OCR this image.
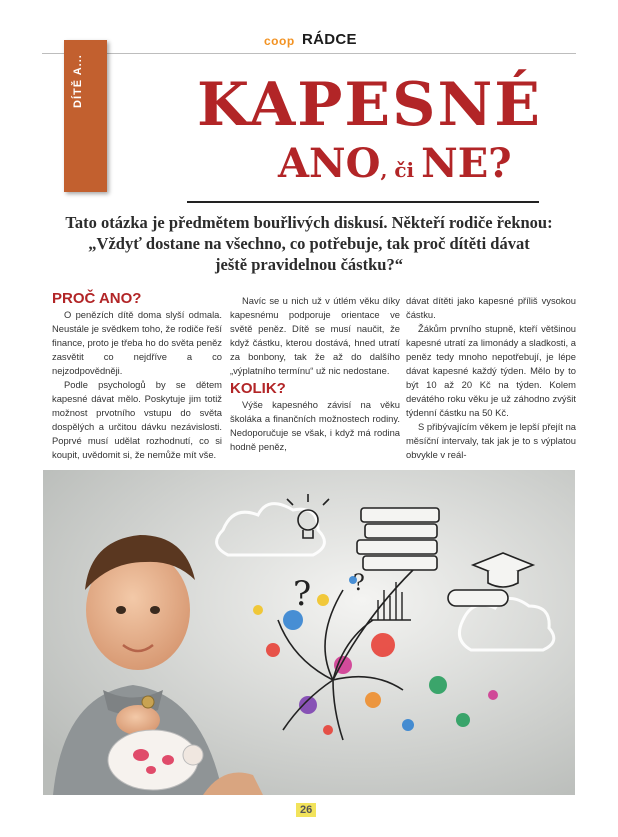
coop RÁDCE
DÍTĚ A... KAPESNÉ
ANO, či NE?

Tato otázka je předmětem bouřlivých diskusí. Někteří rodiče řeknou:

„Vždyť dostane na všechno, co potřebuje, tak proč dítěti dávat

ještě pravidelnou částku?“

PROČ ANO?

O penězích dítě doma slyší odmala. Neustále je svědkem toho, že rodiče řeší finance, proto je třeba ho do světa peněz zasvětit co nejdříve a co nejzodpovědněji.

Podle psychologů by se dětem kapesné dávat mělo. Poskytuje jim totiž možnost prvotního vstupu do světa dospělých a určitou dávku nezávislosti. Poprvé musí udělat rozhodnutí, co si koupit, uvědomit si, že nemůže mít vše.

Navíc se u nich už v útlém věku díky kapesnému podporuje orientace ve světě peněz. Dítě se musí naučit, že když částku, kterou dostává, hned utratí za bonbony, tak že až do dalšího „výplatního termínu“ už nic nedostane.

KOLIK?

Výše kapesného závisí na věku školáka a finančních možnostech rodiny. Nedoporučuje se však, i když má rodina hodně peněz,

dávat dítěti jako kapesné příliš vysokou částku.

Žákům prvního stupně, kteří většinou kapesné utratí za limonády a sladkosti, a peněz tedy mnoho nepotřebují, je lépe dávat kapesné každý týden. Mělo by to být 10 až 20 Kč na týden. Kolem devátého roku věku je už záhodno zvýšit týdenní částku na 50 Kč.

S přibývajícím věkem je lepší přejít na měsíční intervaly, tak jak je to s výplatou obvykle v reál-

? ?
26
